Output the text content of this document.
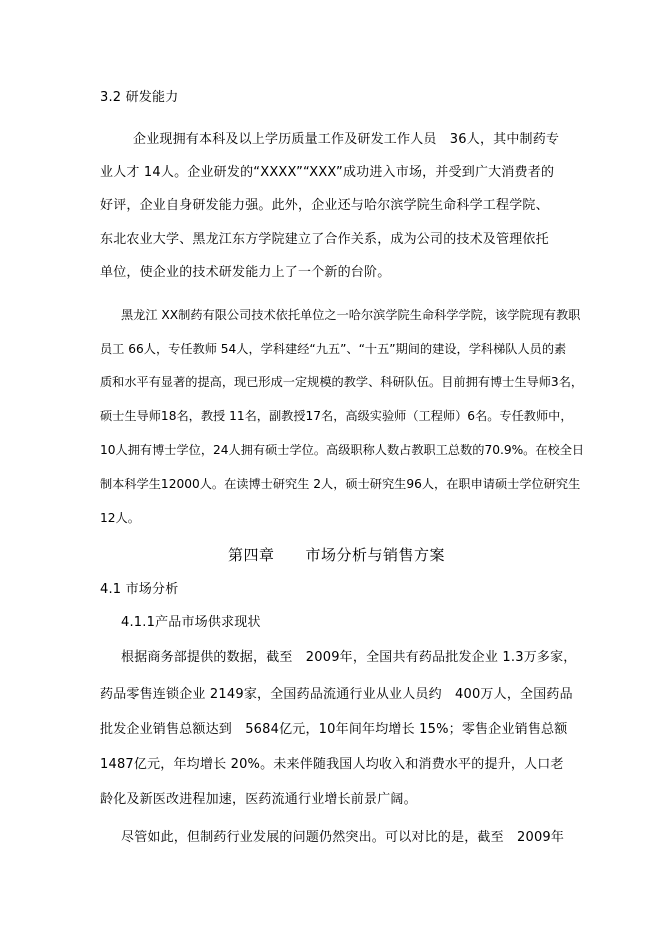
3.2 研发能力
企业现拥有本科及以上学历质量工作及研发工作人员　36人，其中制药专
业人才 14人。企业研发的“XXXX”“XXX”成功进入市场，并受到广大消费者的
好评，企业自身研发能力强。此外，企业还与哈尔滨学院生命科学工程学院、
东北农业大学、黑龙江东方学院建立了合作关系，成为公司的技术及管理依托
单位，使企业的技术研发能力上了一个新的台阶。
黑龙江 XX制药有限公司技术依托单位之一哈尔滨学院生命科学学院，该学院现有教职
员工 66人，专任教师 54人，学科建经“九五”、“十五”期间的建设，学科梯队人员的素
质和水平有显著的提高，现已形成一定规模的教学、科研队伍。目前拥有博士生导师3名，
硕士生导师18名，教授 11名，副教授17名，高级实验师（工程师）6名。专任教师中，
10人拥有博士学位，24人拥有硕士学位。高级职称人数占教职工总数的70.9%。在校全日
制本科学生12000人。在读博士研究生 2人，硕士研究生96人，在职申请硕士学位研究生
12人。
第四章　　市场分析与销售方案
4.1 市场分析
4.1.1产品市场供求现状
根据商务部提供的数据，截至　2009年，全国共有药品批发企业 1.3万多家，
药品零售连锁企业 2149家，全国药品流通行业从业人员约　400万人，全国药品
批发企业销售总额达到　5684亿元，10年间年均增长 15%；零售企业销售总额
1487亿元，年均增长 20%。未来伴随我国人均收入和消费水平的提升，人口老
龄化及新医改进程加速，医药流通行业增长前景广阔。
尽管如此，但制药行业发展的问题仍然突出。可以对比的是，截至　2009年
